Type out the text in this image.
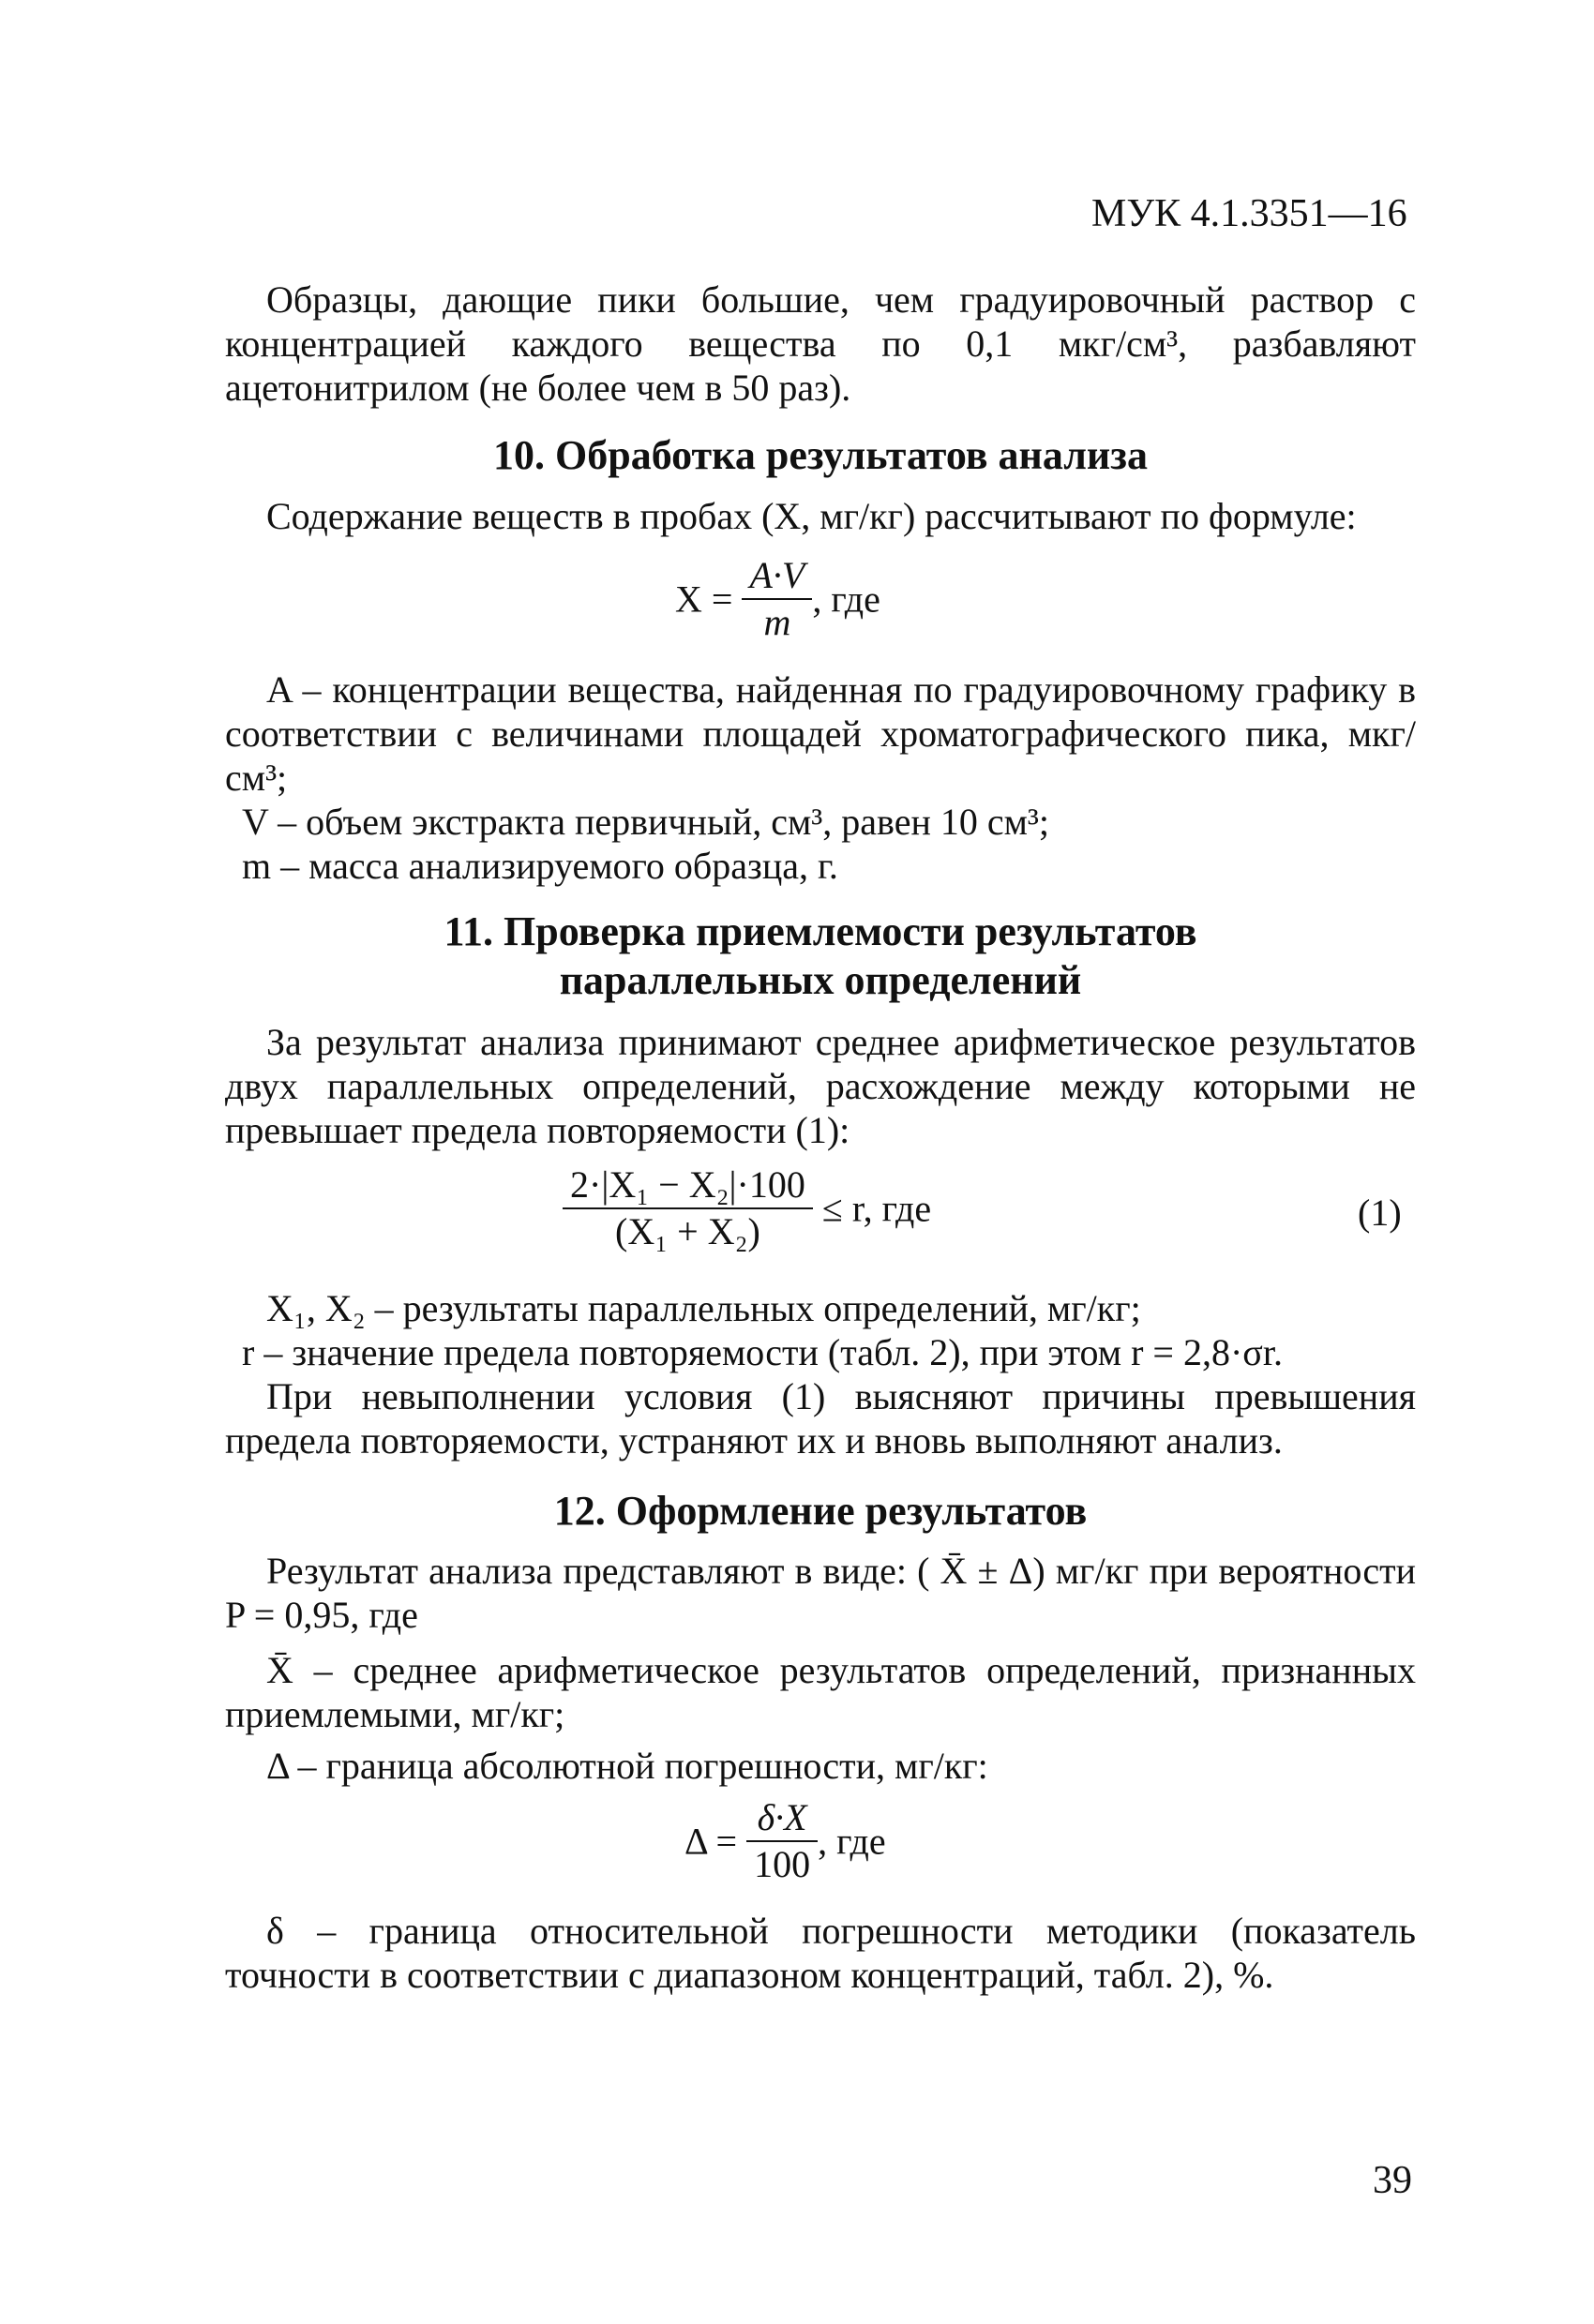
МУК 4.1.3351—16
Образцы, дающие пики большие, чем градуировочный раствор с концентрацией каждого вещества по 0,1 мкг/см³, разбавляют ацетонитрилом (не более чем в 50 раз).
10. Обработка результатов анализа
Содержание веществ в пробах (X, мг/кг) рассчитывают по формуле:
$X = \frac{A\cdot V}{m}$ , где
A – концентрации вещества, найденная по градуировочному графику в соответствии с величинами площадей хроматографического пика, мкг/см³;
V – объем экстракта первичный, см³, равен 10 см³;
m – масса анализируемого образца, г.
11. Проверка приемлемости результатов
параллельных определений
За результат анализа принимают среднее арифметическое результатов двух параллельных определений, расхождение между которыми не превышает предела повторяемости (1):
$\frac{\text{2·|X₁ − X₂|·100}}{\text{(X₁ + X₂)}} \le r$, где	(1)
X₁, X₂ – результаты параллельных определений, мг/кг;
r – значение предела повторяемости (табл. 2), при этом r = 2,8·σr.
При невыполнении условия (1) выясняют причины превышения предела повторяемости, устраняют их и вновь выполняют анализ.
12. Оформление результатов
Результат анализа представляют в виде: ( X̄ ± Δ) мг/кг при вероятности P = 0,95, где
X̄ – среднее арифметическое результатов определений, признанных приемлемыми, мг/кг;
Δ – граница абсолютной погрешности, мг/кг:
$\Delta = \frac{\delta\cdot X}{100}$ , где
δ – граница относительной погрешности методики (показатель точности в соответствии с диапазоном концентраций, табл. 2), %.
39
